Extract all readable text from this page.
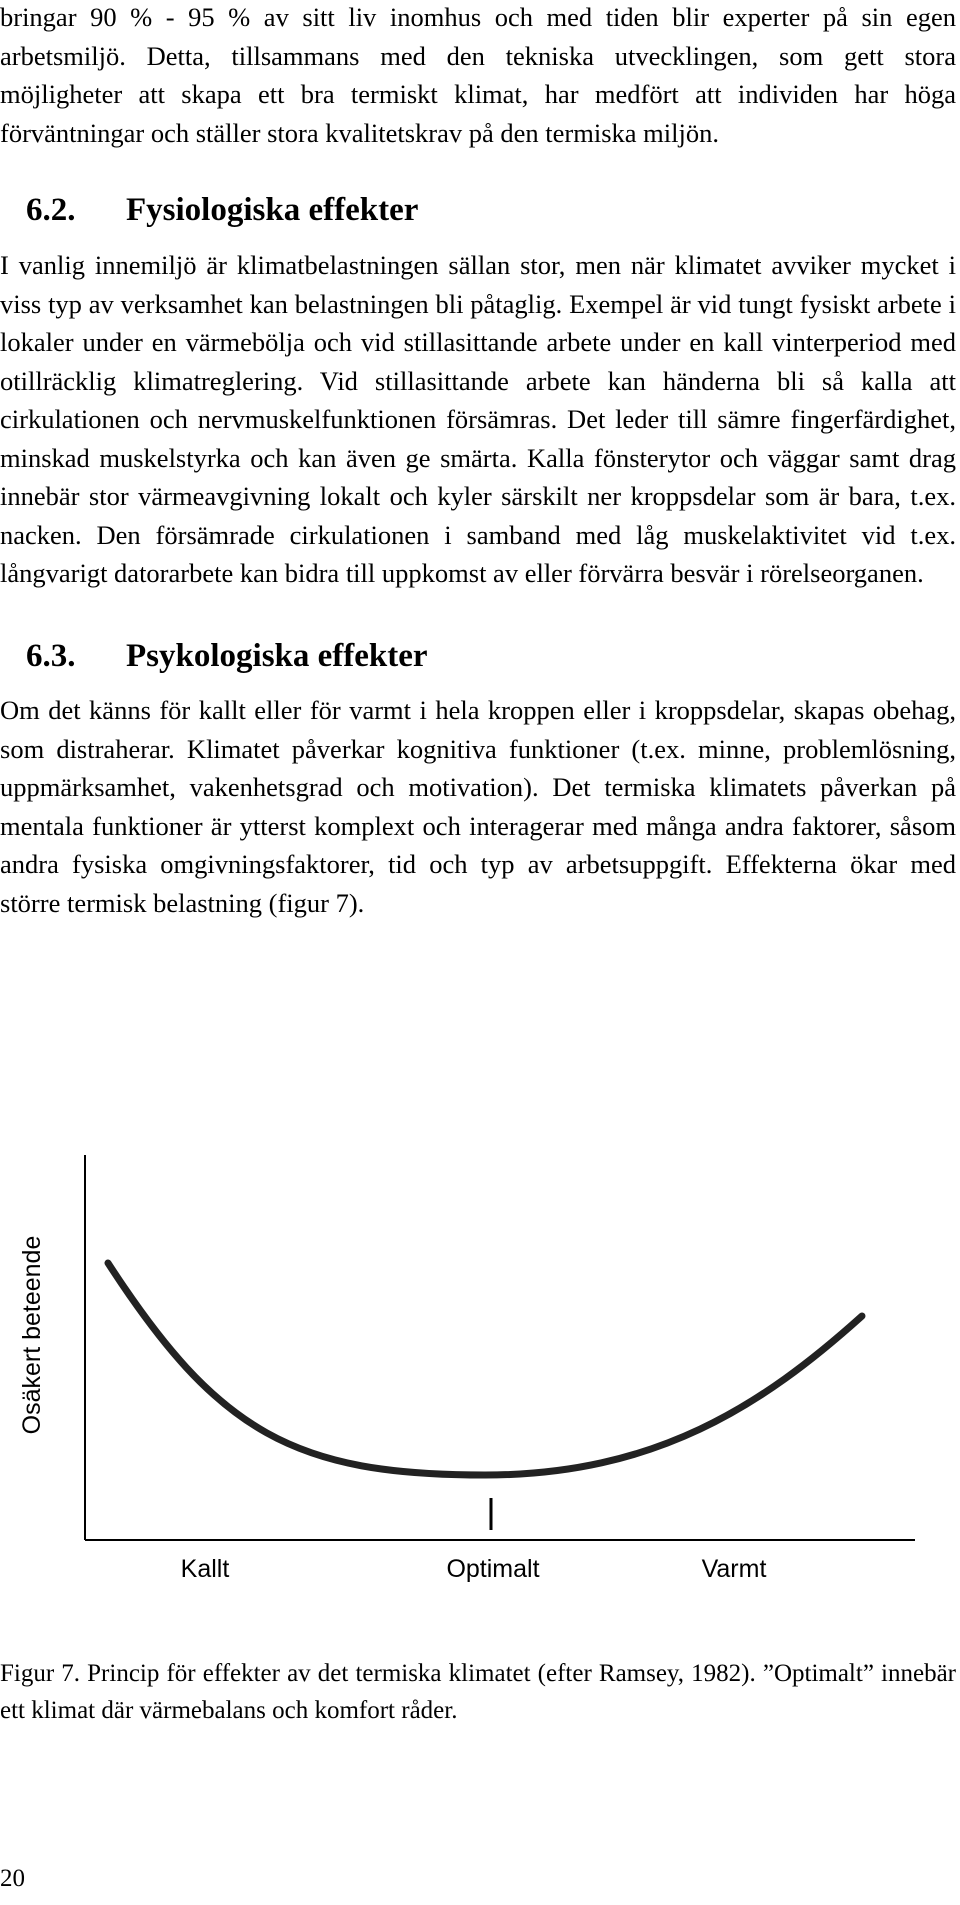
bringar 90 % - 95 % av sitt liv inomhus och med tiden blir experter på sin egen arbetsmiljö. Detta, tillsammans med den tekniska utvecklingen, som gett stora möjligheter att skapa ett bra termiskt klimat, har medfört att individen har höga förväntningar och ställer stora kvalitetskrav på den termiska miljön.

6.2. Fysiologiska effekter

I vanlig innemiljö är klimatbelastningen sällan stor, men när klimatet avviker mycket i viss typ av verksamhet kan belastningen bli påtaglig. Exempel är vid tungt fysiskt arbete i lokaler under en värmebölja och vid stillasittande arbete under en kall vinterperiod med otillräcklig klimatreglering. Vid stillasittande arbete kan händerna bli så kalla att cirkulationen och nervmuskelfunktionen försämras. Det leder till sämre fingerfärdighet, minskad muskelstyrka och kan även ge smärta. Kalla fönsterytor och väggar samt drag innebär stor värmeavgivning lokalt och kyler särskilt ner kroppsdelar som är bara, t.ex. nacken. Den försämrade cirkulationen i samband med låg muskelaktivitet vid t.ex. långvarigt datorarbete kan bidra till uppkomst av eller förvärra besvär i rörelseorganen.

6.3. Psykologiska effekter

Om det känns för kallt eller för varmt i hela kroppen eller i kroppsdelar, skapas obehag, som distraherar. Klimatet påverkar kognitiva funktioner (t.ex. minne, problemlösning, uppmärksamhet, vakenhetsgrad och motivation). Det termiska klimatets påverkan på mentala funktioner är ytterst komplext och interagerar med många andra faktorer, såsom andra fysiska omgivningsfaktorer, tid och typ av arbetsuppgift. Effekterna ökar med större termisk belastning (figur 7).

Osäkert beteende
Kallt	Optimalt	Varmt

Figur 7. Princip för effekter av det termiska klimatet (efter Ramsey, 1982). ”Optimalt” innebär ett klimat där värmebalans och komfort råder.

20
